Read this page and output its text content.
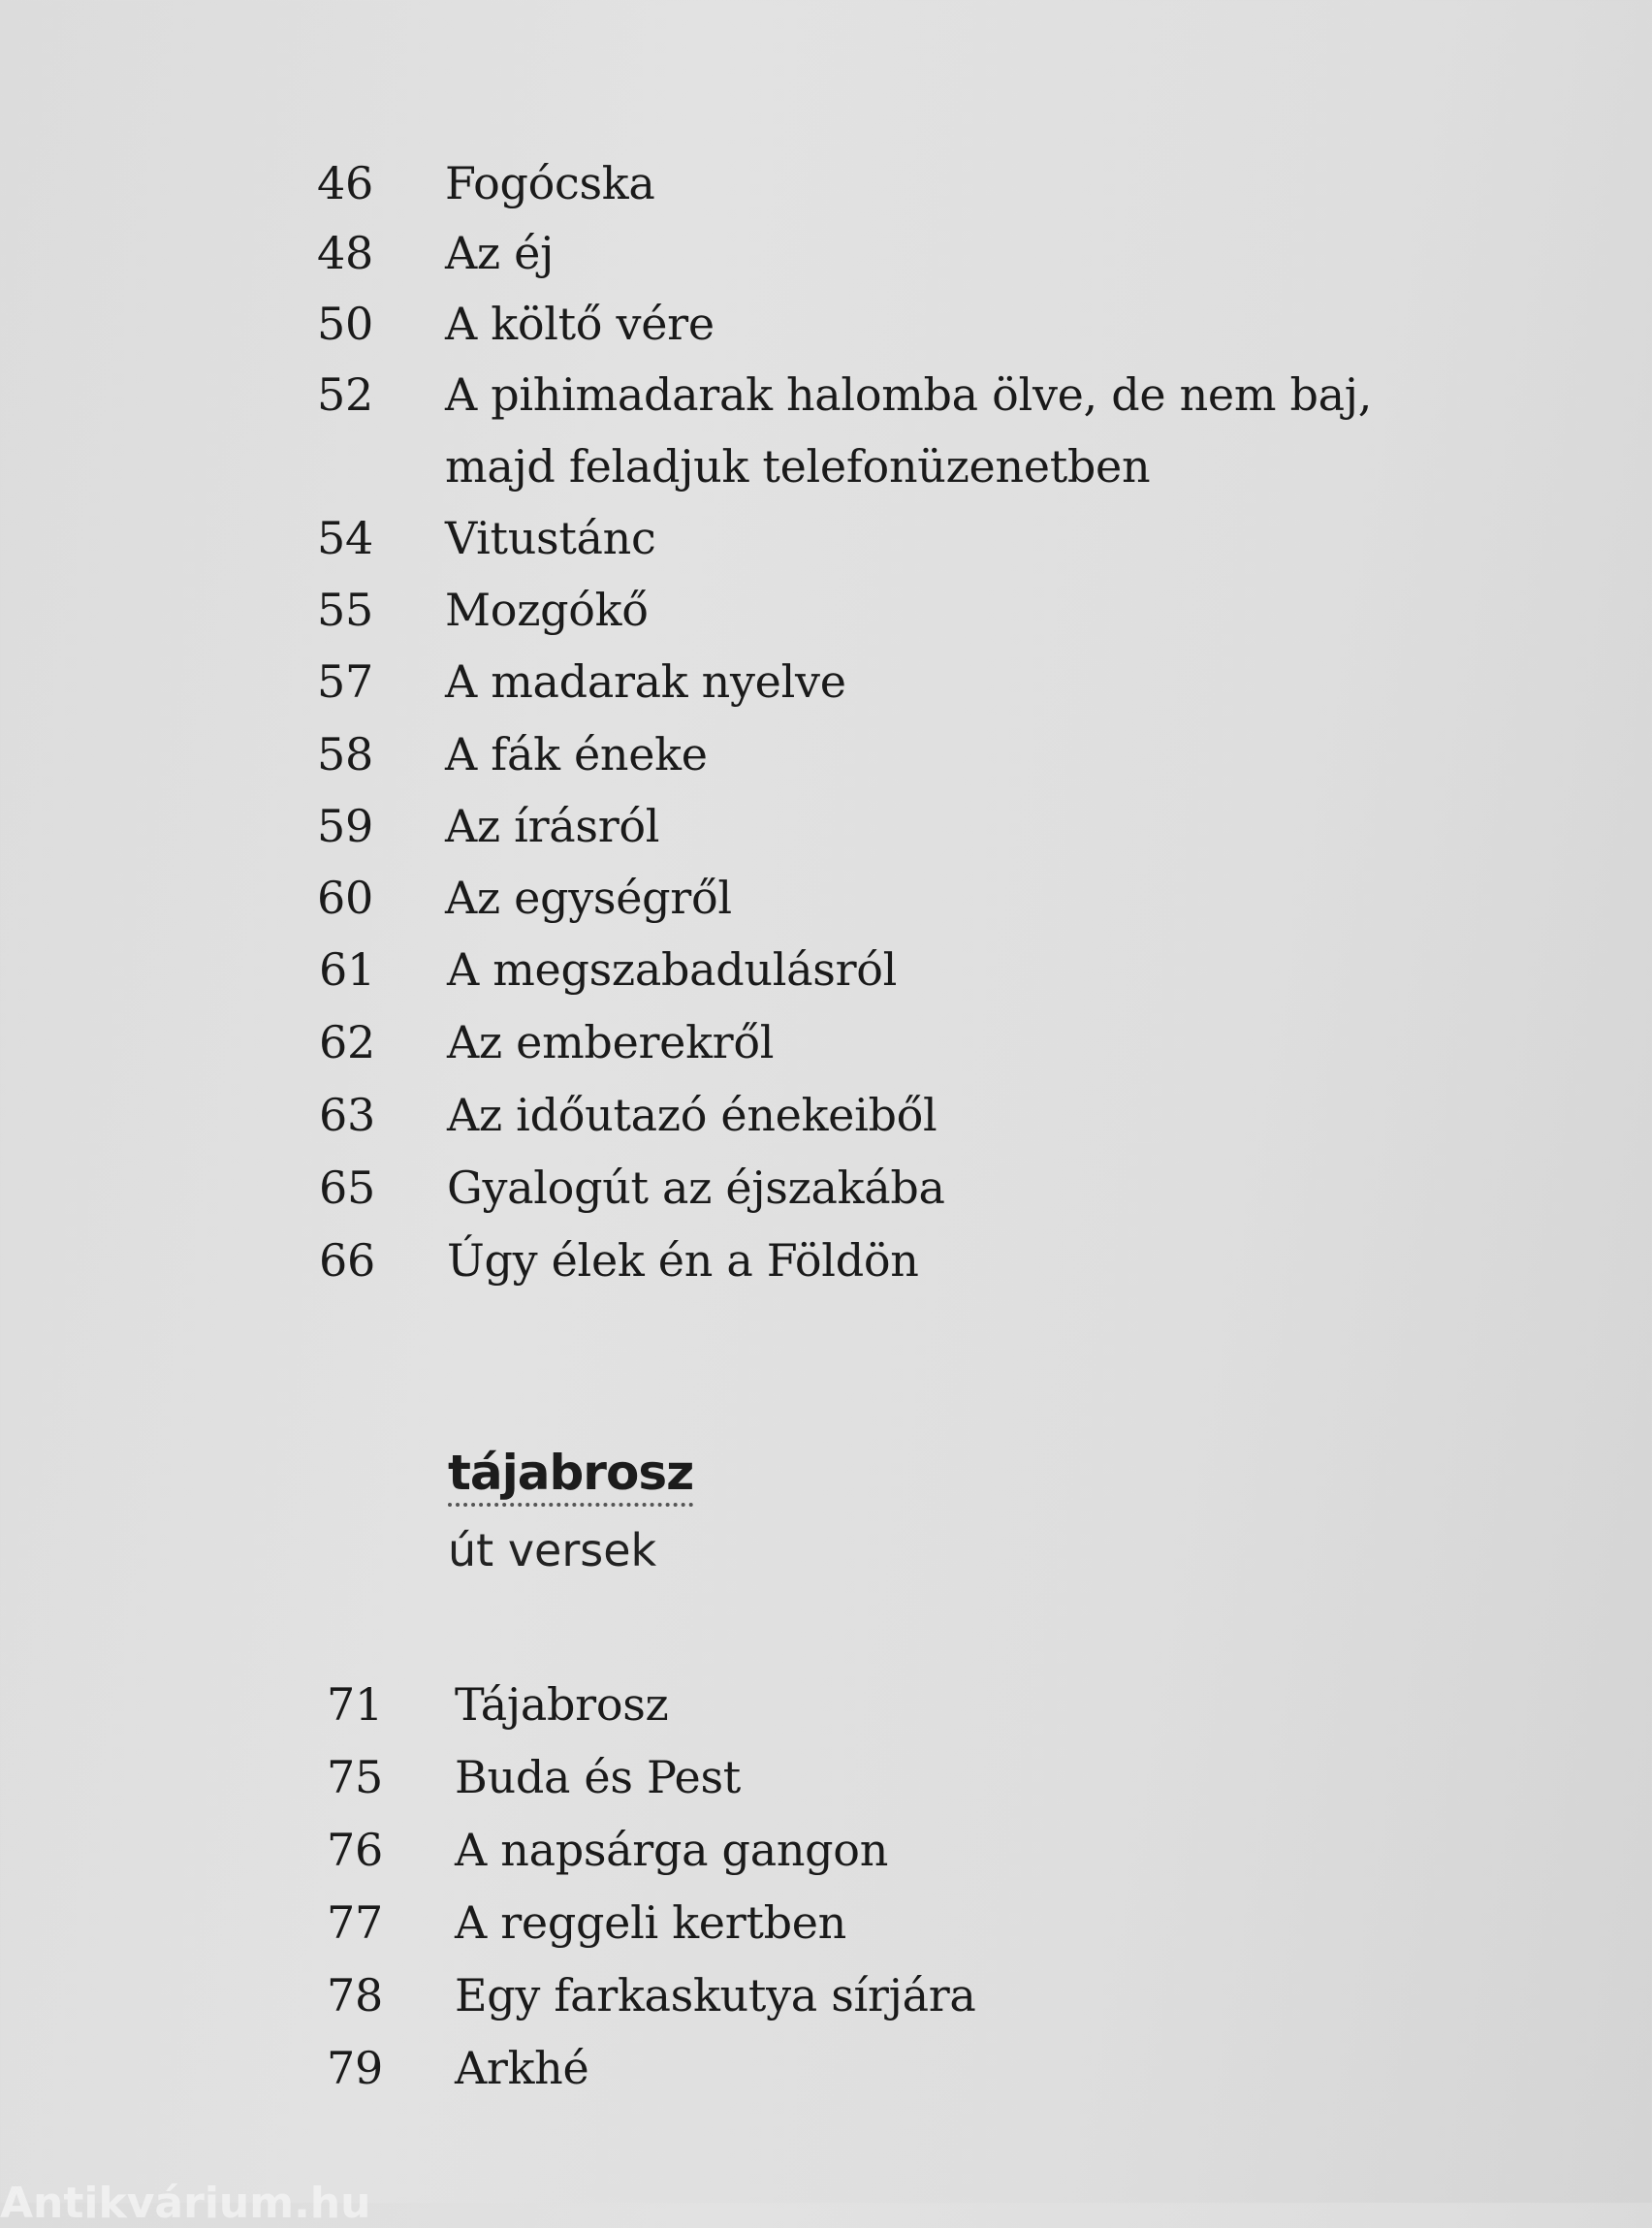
46	Fogócska
48	Az éj
50	A költő vére
52	A pihimadarak halomba ölve, de nem baj,
majd feladjuk telefonüzenetben
54	Vitustánc
55	Mozgókő
57	A madarak nyelve
58	A fák éneke
59	Az írásról
60	Az egységről
61	A megszabadulásról
62	Az emberekről
63	Az időutazó énekeiből
65	Gyalogút az éjszakába
66	Úgy élek én a Földön
tájabrosz
út versek
71	Tájabrosz
75	Buda és Pest
76	A napsárga gangon
77	A reggeli kertben
78	Egy farkaskutya sírjára
79	Arkhé
Antikvárium.hu
